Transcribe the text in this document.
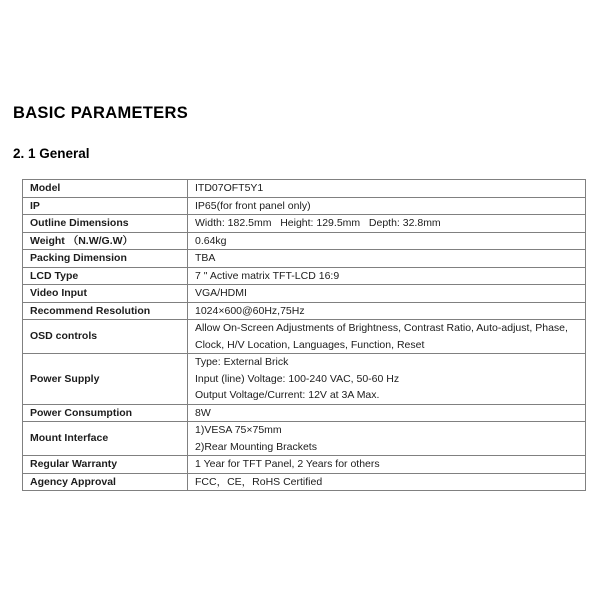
BASIC PARAMETERS
2. 1 General
Model	ITD07OFT5Y1

IP	IP65(for front panel only)

Outline Dimensions	Width: 182.5mm   Height: 129.5mm   Depth: 32.8mm

Weight （N.W/G.W）	0.64kg

Packing Dimension	TBA

LCD Type	7 " Active matrix TFT-LCD 16:9

Video Input	VGA/HDMI

Recommend Resolution	1024×600@60Hz,75Hz

OSD controls	Allow On-Screen Adjustments of Brightness, Contrast Ratio, Auto-adjust, Phase,
Clock, H/V Location, Languages, Function, Reset

Power Supply	Type: External Brick
Input (line) Voltage: 100-240 VAC, 50-60 Hz
Output Voltage/Current: 12V at 3A Max.

Power Consumption	8W

Mount Interface	1)VESA 75×75mm
2)Rear Mounting Brackets

Regular Warranty	1 Year for TFT Panel, 2 Years for others

Agency Approval	FCC，CE，RoHS Certified
